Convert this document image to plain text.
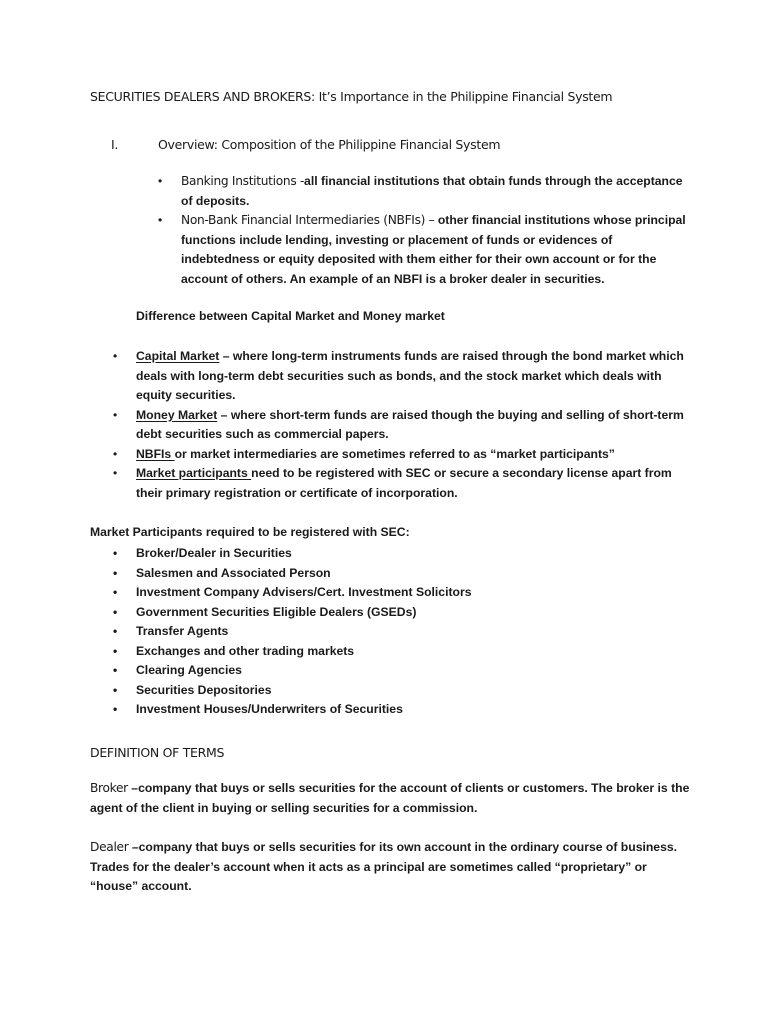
SECURITIES DEALERS AND BROKERS: It’s Importance in the Philippine Financial System
I.	Overview: Composition of the Philippine Financial System
• Banking Institutions -all financial institutions that obtain funds through the acceptance of deposits.
• Non-Bank Financial Intermediaries (NBFIs) – other financial institutions whose principal functions include lending, investing or placement of funds or evidences of indebtedness or equity deposited with them either for their own account or for the account of others. An example of an NBFI is a broker dealer in securities.
Difference between Capital Market and Money market
• Capital Market – where long-term instruments funds are raised through the bond market which deals with long-term debt securities such as bonds, and the stock market which deals with equity securities.
• Money Market – where short-term funds are raised though the buying and selling of short-term debt securities such as commercial papers.
• NBFIs or market intermediaries are sometimes referred to as “market participants”
• Market participants need to be registered with SEC or secure a secondary license apart from their primary registration or certificate of incorporation.
Market Participants required to be registered with SEC:
• Broker/Dealer in Securities
• Salesmen and Associated Person
• Investment Company Advisers/Cert. Investment Solicitors
• Government Securities Eligible Dealers (GSEDs)
• Transfer Agents
• Exchanges and other trading markets
• Clearing Agencies
• Securities Depositories
• Investment Houses/Underwriters of Securities
DEFINITION OF TERMS

Broker –company that buys or sells securities for the account of clients or customers. The broker is the agent of the client in buying or selling securities for a commission.

Dealer –company that buys or sells securities for its own account in the ordinary course of business. Trades for the dealer’s account when it acts as a principal are sometimes called “proprietary” or “house” account.
